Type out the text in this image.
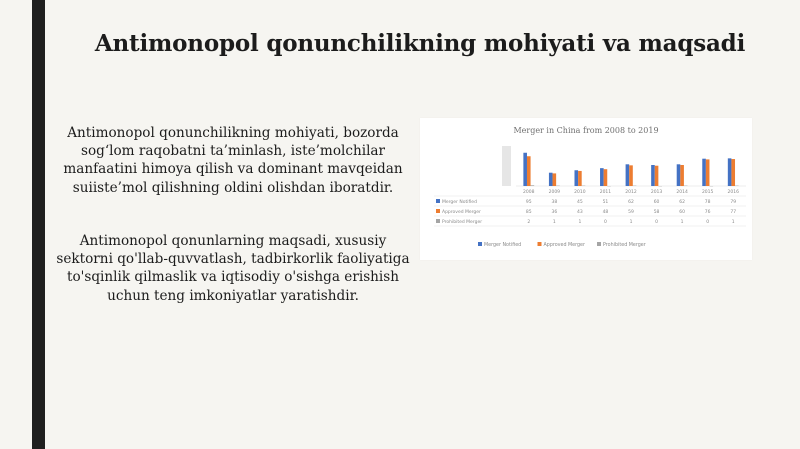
Antimonopol qonunchilikning mohiyati va maqsadi
Antimonopol qonunchilikning mohiyati, bozorda sog‘lom raqobatni ta’minlash, iste’molchilar manfaatini himoya qilish va dominant mavqeidan suiiste’mol qilishning oldini olishdan iboratdir.
Antimonopol qonunlarning maqsadi, xususiy sektorni qo'llab-quvvatlash, tadbirkorlik faoliyatiga to'sqinlik qilmaslik va iqtisodiy o'sishga erishish uchun teng imkoniyatlar yaratishdir.
Merger in China from 2008 to 2019
2008	2009	2010	2011	2012	2013	2014	2015	2016
Merger Notified	95	38	45	51	62	60	62	78	79
Approved Merger	85	36	43	48	59	58	60	76	77
Prohibited Merger	2	1	1	0	1	0	1	0	1
Merger Notified	Approved Merger	Prohibited Merger
